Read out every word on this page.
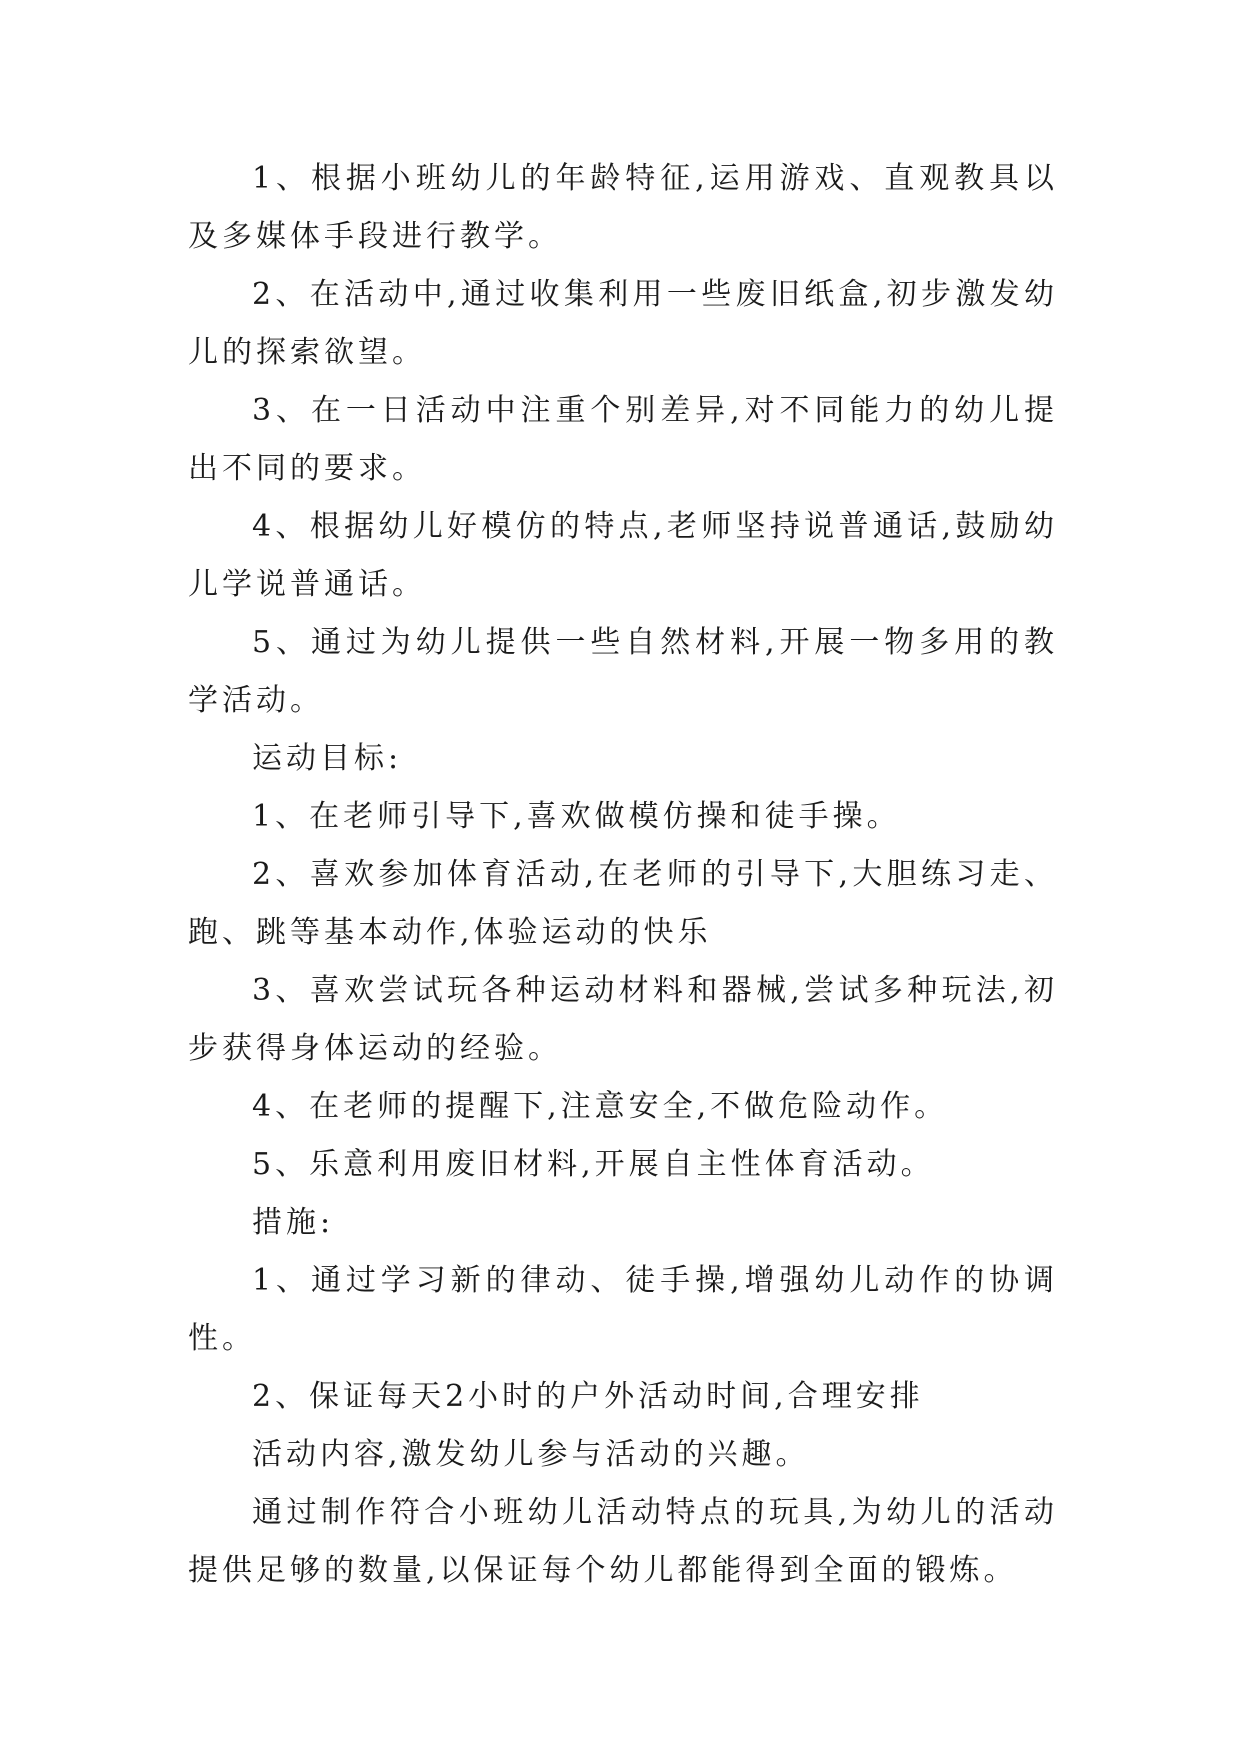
1、根据小班幼儿的年龄特征,运用游戏、直观教具以及多媒体手段进行教学。

2、在活动中,通过收集利用一些废旧纸盒,初步激发幼儿的探索欲望。

3、在一日活动中注重个别差异,对不同能力的幼儿提出不同的要求。

4、根据幼儿好模仿的特点,老师坚持说普通话,鼓励幼儿学说普通话。

5、通过为幼儿提供一些自然材料,开展一物多用的教学活动。

运动目标:

1、在老师引导下,喜欢做模仿操和徒手操。

2、喜欢参加体育活动,在老师的引导下,大胆练习走、跑、跳等基本动作,体验运动的快乐

3、喜欢尝试玩各种运动材料和器械,尝试多种玩法,初步获得身体运动的经验。

4、在老师的提醒下,注意安全,不做危险动作。

5、乐意利用废旧材料,开展自主性体育活动。

措施:

1、通过学习新的律动、徒手操,增强幼儿动作的协调性。

2、保证每天2小时的户外活动时间,合理安排

活动内容,激发幼儿参与活动的兴趣。

通过制作符合小班幼儿活动特点的玩具,为幼儿的活动提供足够的数量,以保证每个幼儿都能得到全面的锻炼。
